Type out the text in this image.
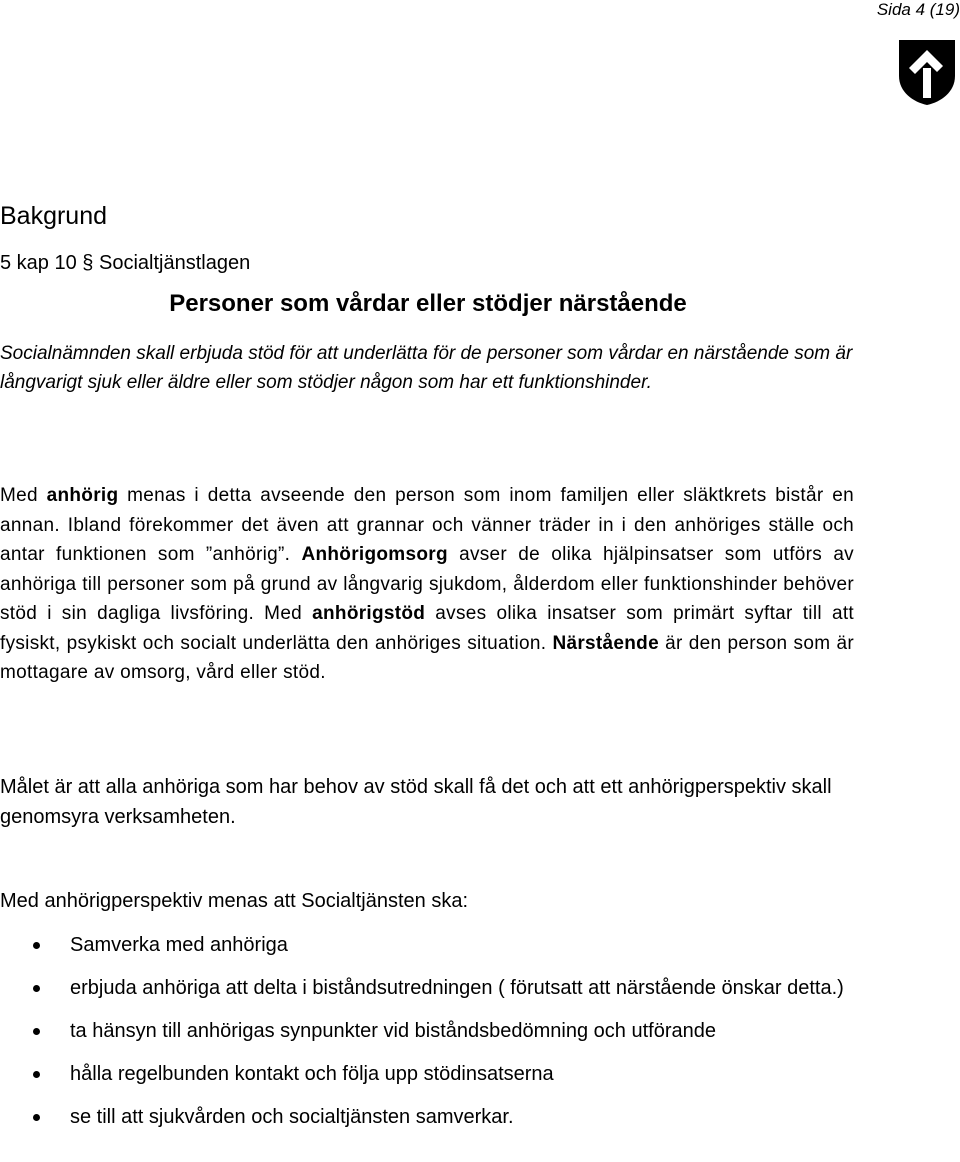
Sida 4 (19)
Bakgrund
5 kap 10 § Socialtjänstlagen
Personer som vårdar eller stödjer närstående

Socialnämnden skall erbjuda stöd för att underlätta för de personer som vårdar en närstående som är långvarigt sjuk eller äldre eller som stödjer någon som har ett funktionshinder.

Med anhörig menas i detta avseende den person som inom familjen eller släktkrets bistår en annan. Ibland förekommer det även att grannar och vänner träder in i den anhöriges ställe och antar funktionen som ”anhörig”. Anhörigomsorg avser de olika hjälpinsatser som utförs av anhöriga till personer som på grund av långvarig sjukdom, ålderdom eller funktionshinder behöver stöd i sin dagliga livsföring. Med anhörigstöd avses olika insatser som primärt syftar till att fysiskt, psykiskt och socialt underlätta den anhöriges situation. Närstående är den person som är mottagare av omsorg, vård eller stöd.

Målet är att alla anhöriga som har behov av stöd skall få det och att ett anhörigperspektiv skall genomsyra verksamheten.

Med anhörigperspektiv menas att Socialtjänsten ska:

Samverka med anhöriga
erbjuda anhöriga att delta i biståndsutredningen ( förutsatt att närstående önskar detta.)
ta hänsyn till anhörigas synpunkter vid biståndsbedömning och utförande
hålla regelbunden kontakt och följa upp stödinsatserna
se till att sjukvården och socialtjänsten samverkar.
